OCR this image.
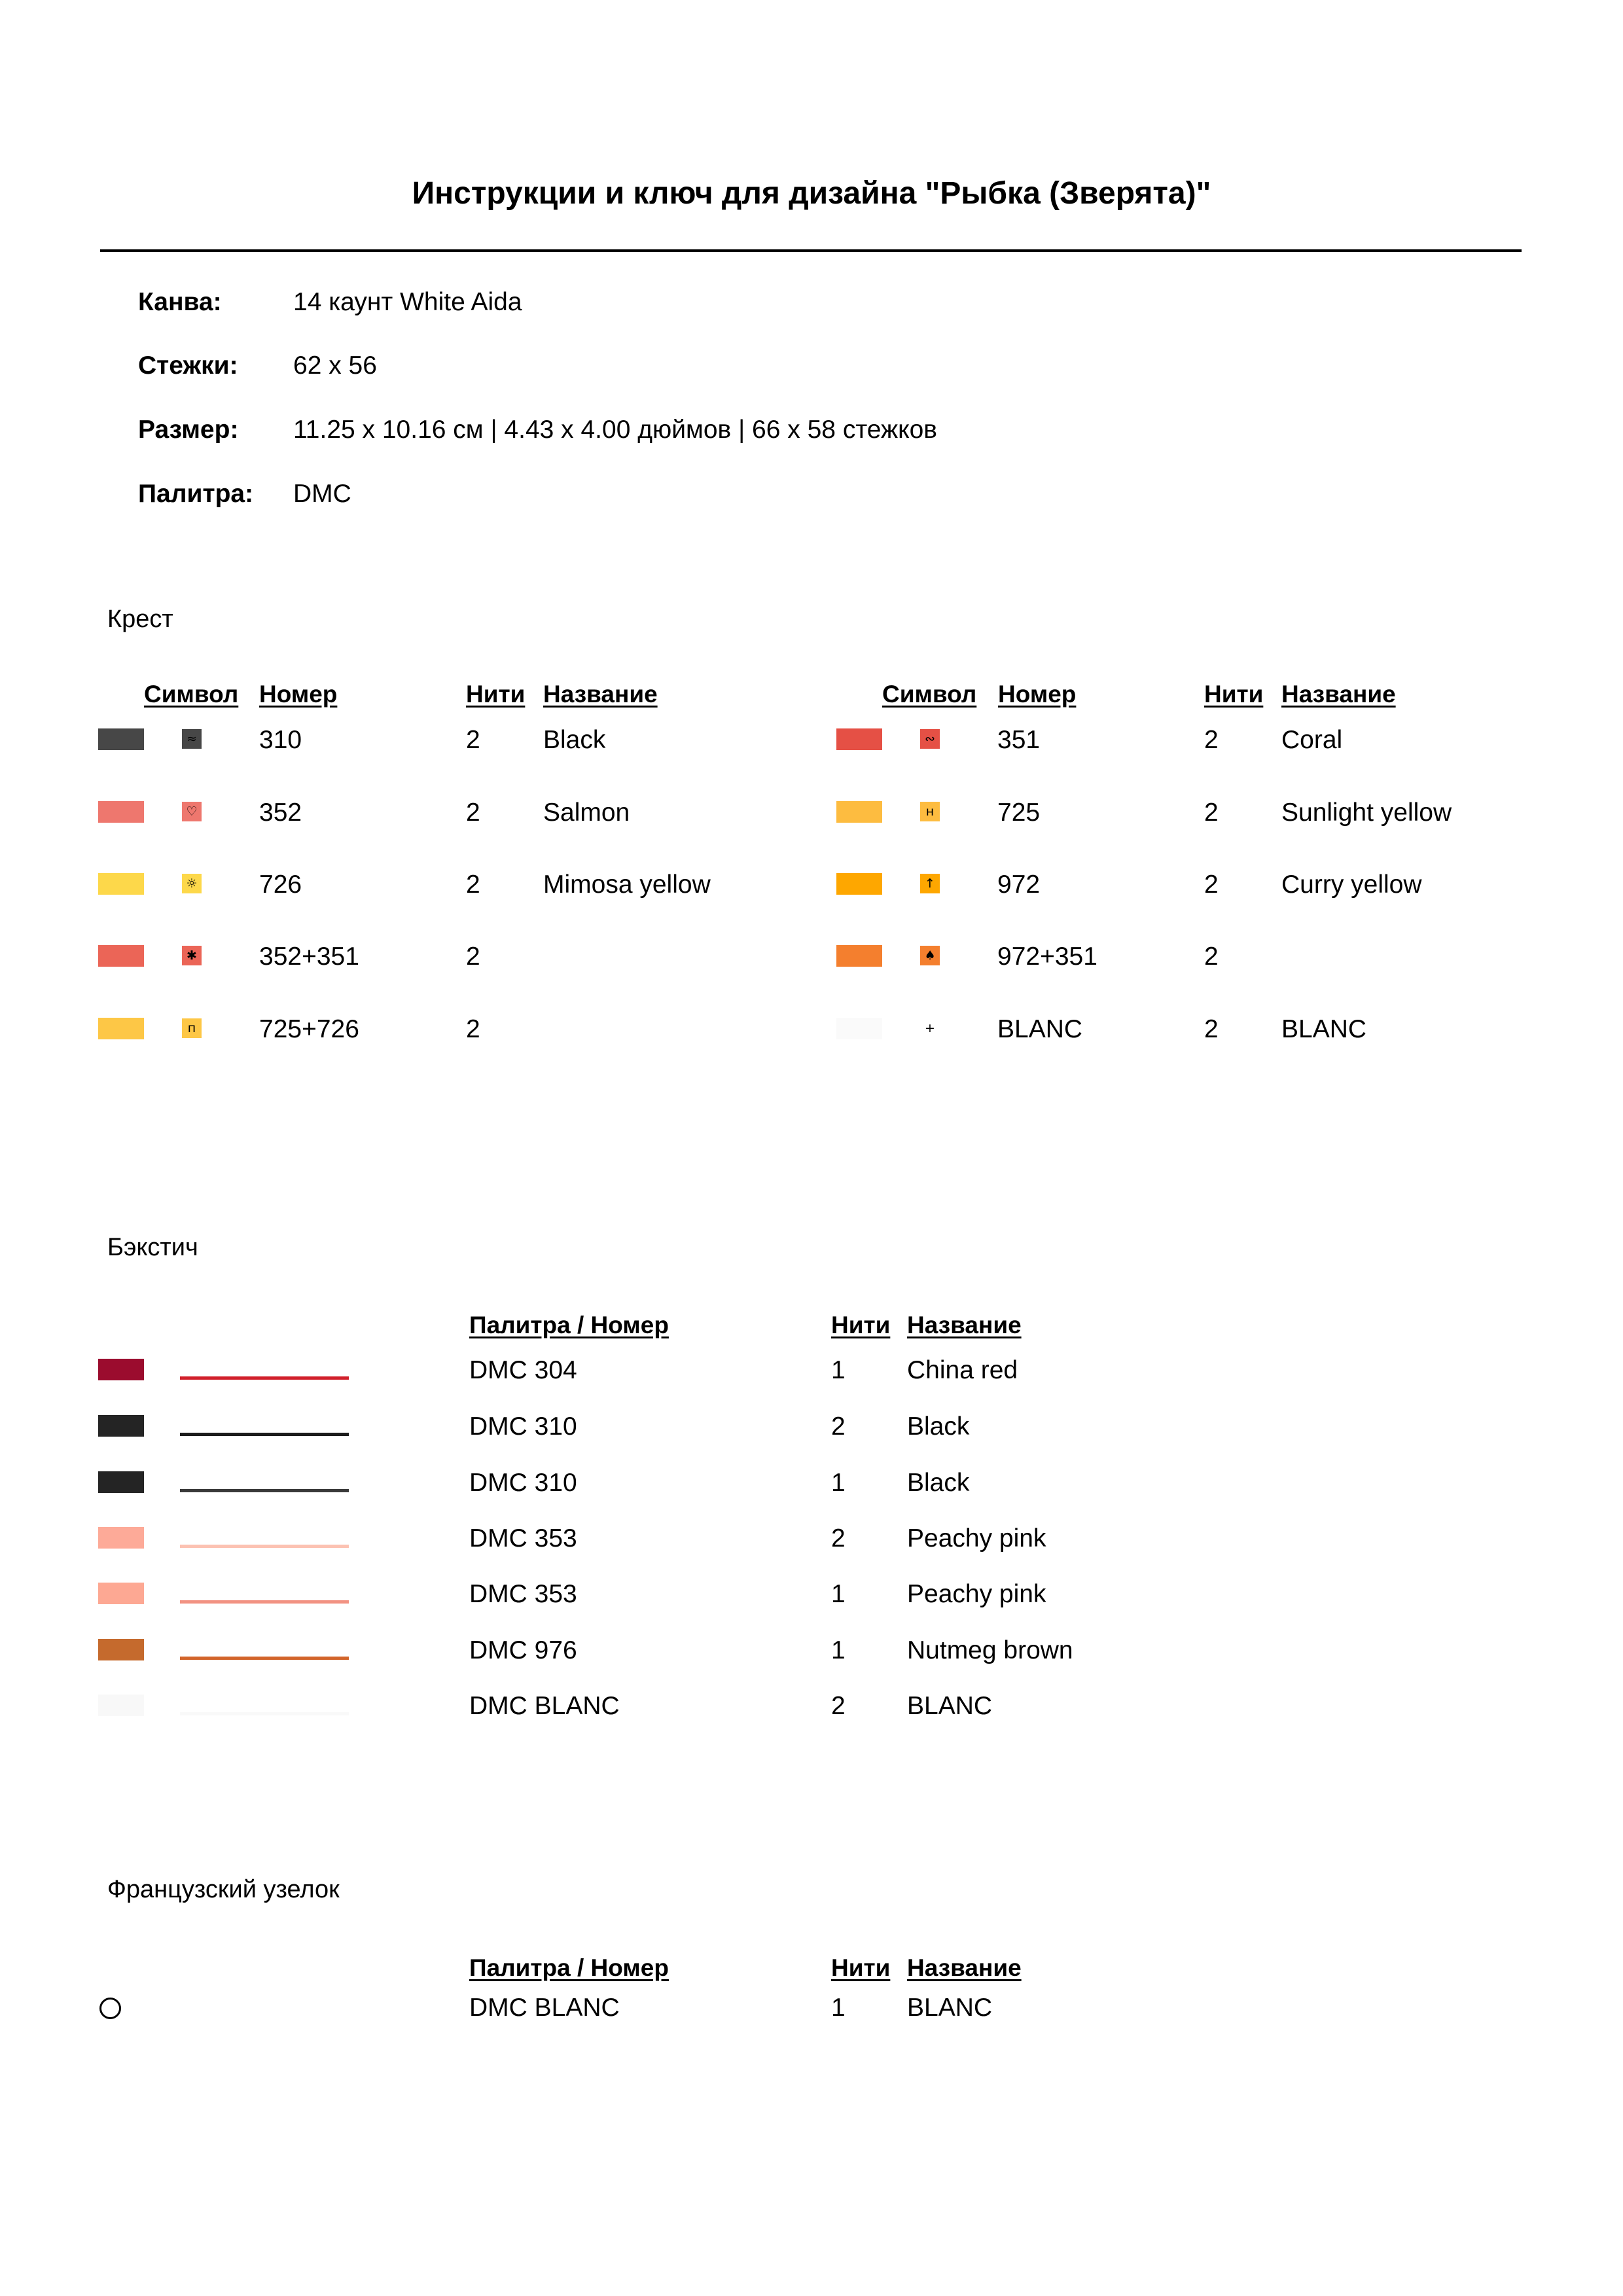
Инструкции и ключ для дизайна "Рыбка (Зверята)"
Канва:	14 каунт White Aida
Стежки: 62 x 56
Размер: 11.25 x 10.16 см | 4.43 x 4.00 дюймов | 66 x 58 стежков
Палитра: DMC
Крест
Символ Номер	Нити Название	Символ Номер	Нити Название
≈ 310	2 Black
♡ 352	2 Salmon
☼ 726	2 Mimosa yellow
✱ 352+351	2
п 725+726	2
∾ 351	2 Coral
н 725	2 Sunlight yellow
↑ 972	2 Curry yellow
♠ 972+351	2
+ BLANC	2 BLANC
Бэкстич
Палитра / Номер	Нити Название
DMC 304	1 China red
DMC 310	2 Black
DMC 310	1 Black
DMC 353	2 Peachy pink
DMC 353	1 Peachy pink
DMC 976	1 Nutmeg brown
DMC BLANC	2 BLANC
Французский узелок
Палитра / Номер	Нити Название
DMC BLANC	1 BLANC
